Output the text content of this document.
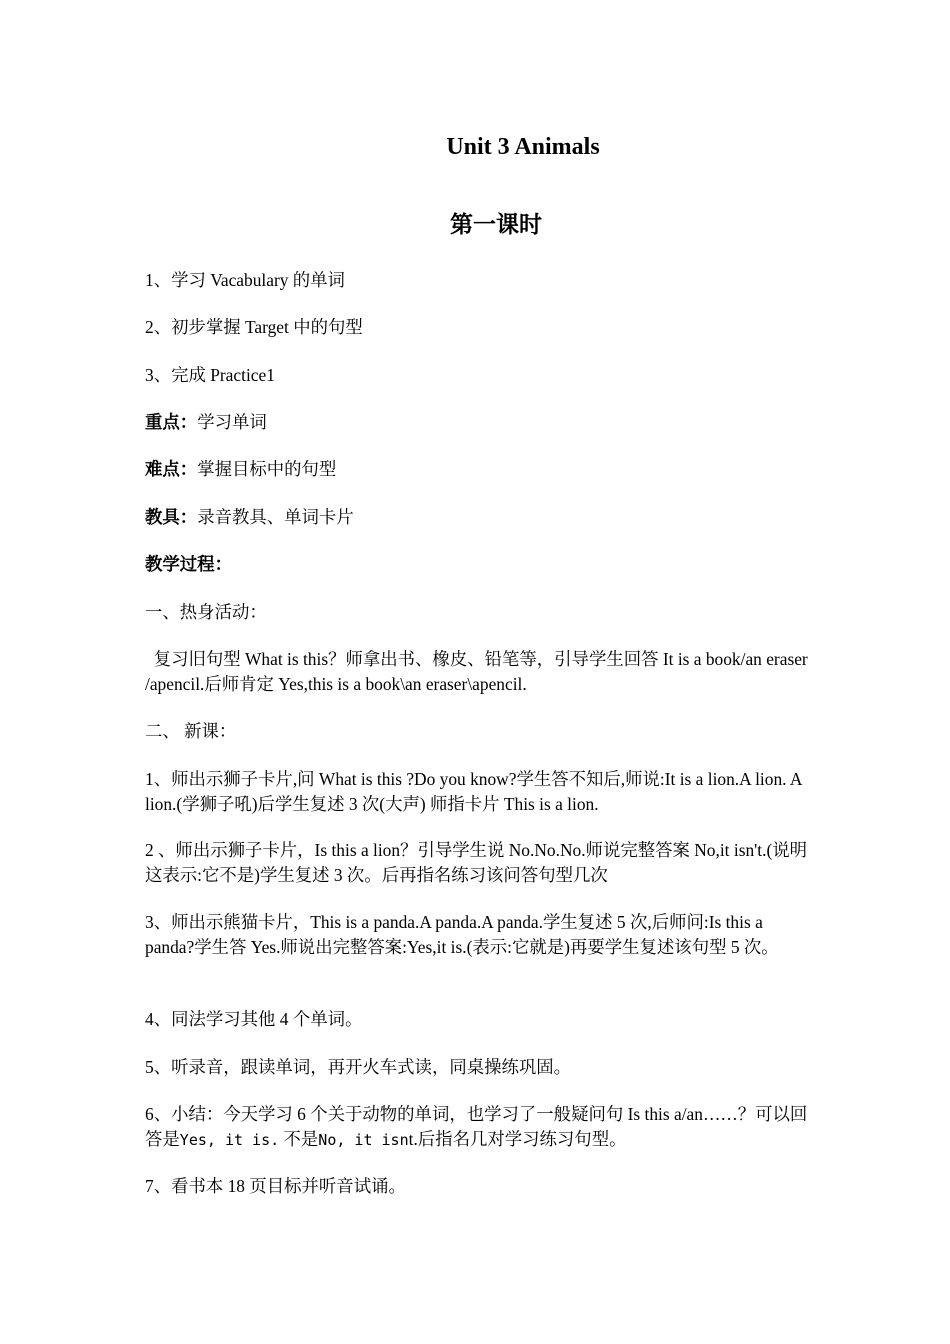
Unit 3 Animals
第一课时
1、学习 Vacabulary 的单词
2、初步掌握 Target 中的句型
3、完成 Practice1
重点：学习单词
难点：掌握目标中的句型
教具：录音教具、单词卡片
教学过程：
一、热身活动：
复习旧句型 What is this？师拿出书、橡皮、铅笔等，引导学生回答 It is a book/an eraser /apencil.后师肯定 Yes,this is a book\an eraser\apencil.
二、 新课：
1、师出示狮子卡片,问 What is this ?Do you know?学生答不知后,师说:It is a lion.A lion. A lion.(学狮子吼)后学生复述 3 次(大声) 师指卡片 This is a lion.
2 、师出示狮子卡片，Is this a lion？引导学生说 No.No.No.师说完整答案 No,it isn't.(说明这表示:它不是)学生复述 3 次。后再指名练习该问答句型几次
3、师出示熊猫卡片，This is a panda.A panda.A panda.学生复述 5 次,后师问:Is this a panda?学生答 Yes.师说出完整答案:Yes,it is.(表示:它就是)再要学生复述该句型 5 次。
4、同法学习其他 4 个单词。
5、听录音，跟读单词，再开火车式读，同桌操练巩固。
6、小结：今天学习 6 个关于动物的单词，也学习了一般疑问句 Is this a/an……？可以回答是Yes, it is. 不是No, it isnt.后指名几对学习练习句型。
7、看书本 18 页目标并听音试诵。
